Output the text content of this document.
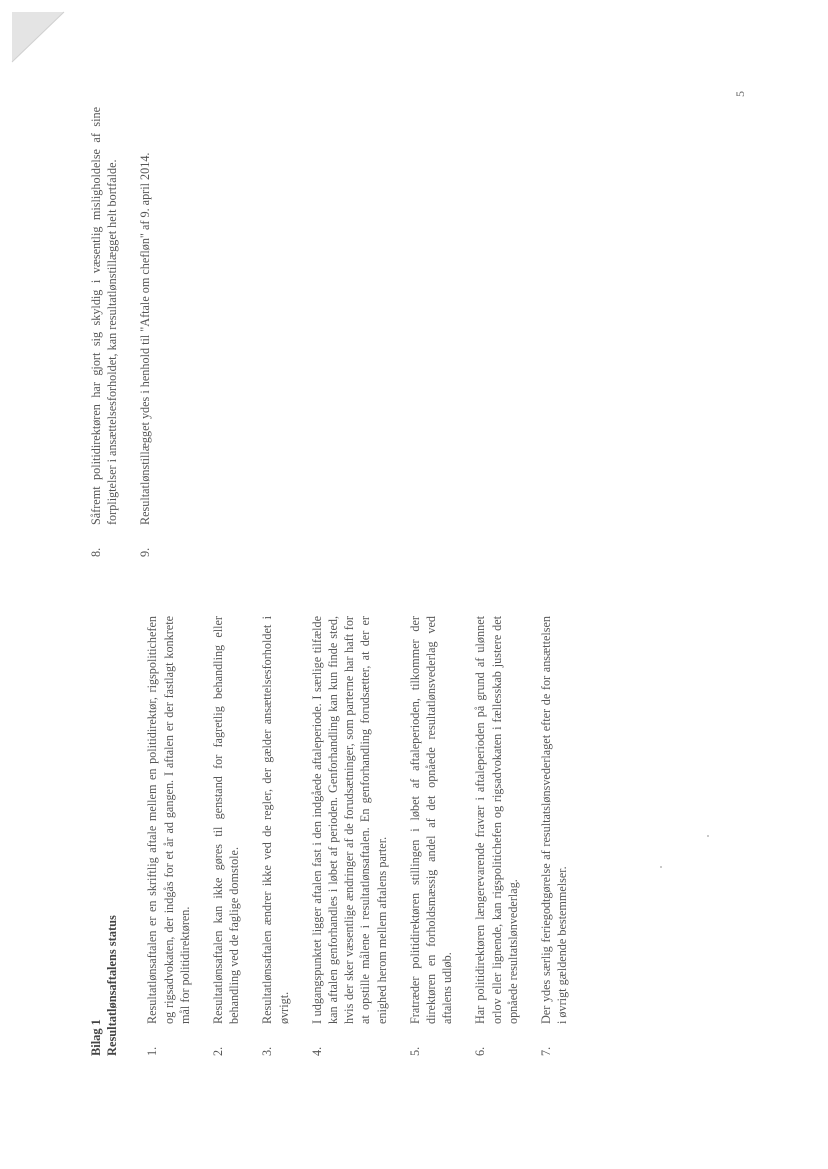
5
Bilag 1 Resultatlønsaftalens status 1.
Resultatlønsaftalen er en skriftlig aftale mellem en politidirektør, rigspolitichefen og rigsadvokaten, der indgås for et år ad gangen. I aftalen er der fastlagt konkrete mål for politidirektøren.
2.
Resultatlønsaftalen kan ikke gøres til genstand for fagretlig behandling eller behandling ved de faglige domstole.
3.
Resultatlønsaftalen ændrer ikke ved de regler, der gælder ansættelsesforholdet i øvrigt.
4.
I udgangspunktet ligger aftalen fast i den indgåede aftaleperiode. I særlige tilfælde kan aftalen genforhandles i løbet af perioden. Genforhandling kan kun finde sted, hvis der sker væsentlige ændringer af de forudsætninger, som parterne har haft for at opstille målene i resultatlønsaftalen. En genforhandling forudsætter, at der er enighed herom mellem aftalens parter.
5.
Fratræder politidirektøren stillingen i løbet af aftaleperioden, tilkommer der direktøren en forholdsmæssig andel af det opnåede resultatlønsvederlag ved aftalens udløb.
6.
Har politidirektøren længerevarende fravær i aftaleperioden på grund af ulønnet orlov eller lignende, kan rigspolitichefen og rigsadvokaten i fællesskab justere det opnåede resultatslønvederlag.
7.
Der ydes særlig feriegodtgørelse af resultatslønsvederlaget efter de for ansættelsen i øvrigt gældende bestemmelser.
8.
Såfremt politidirektøren har gjort sig skyldig i væsentlig misligholdelse af sine forpligtelser i ansættelsesforholdet, kan resultatlønstillægget helt bortfalde.
9.
Resultatlønstillægget ydes i henhold til "Aftale om chefløn" af 9. april 2014.
